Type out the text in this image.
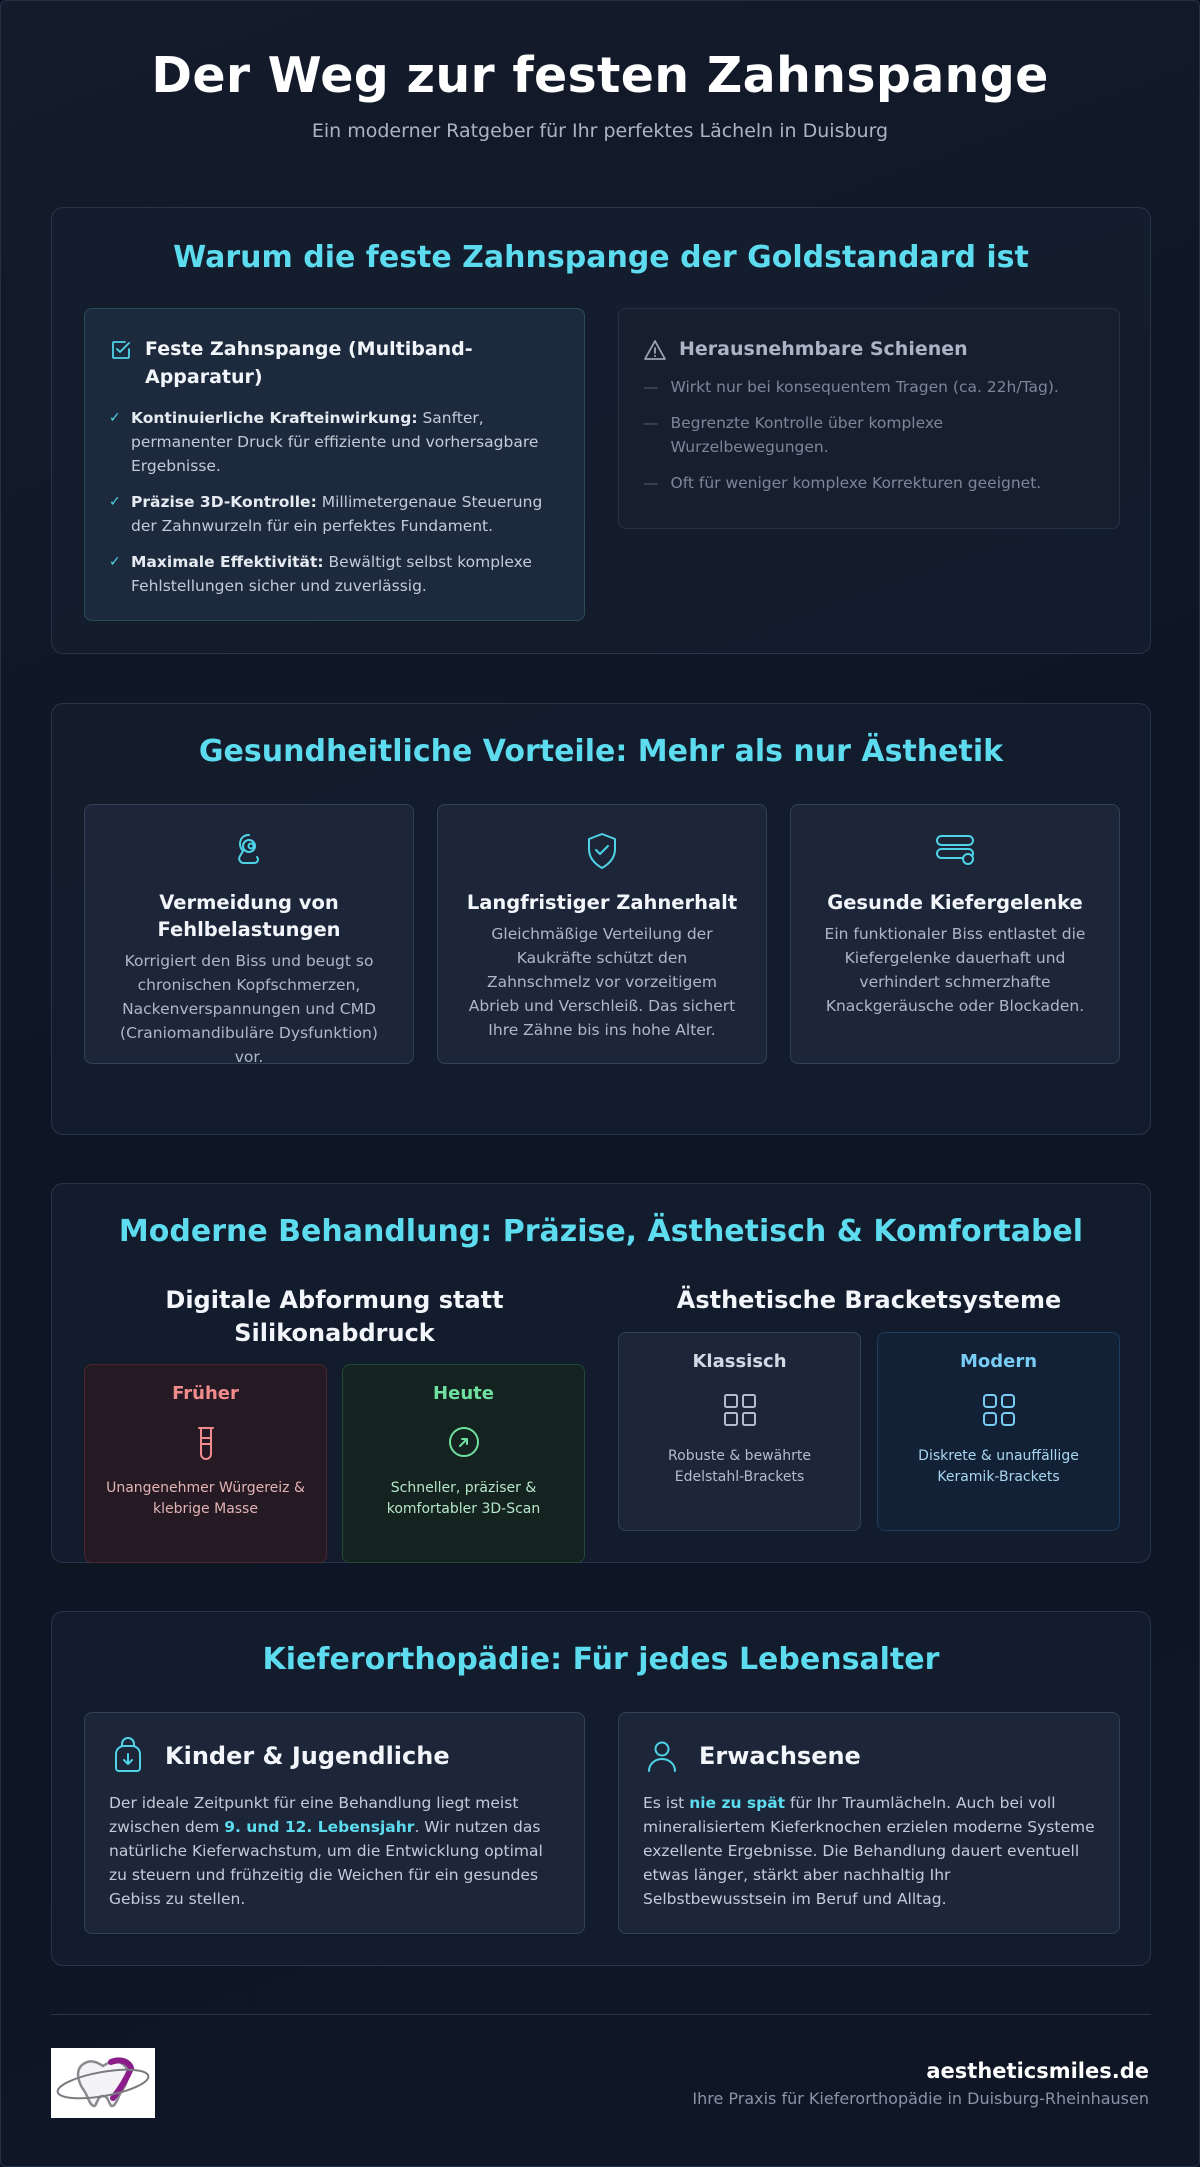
Der Weg zur festen Zahnspange
Ein moderner Ratgeber für Ihr perfektes Lächeln in Duisburg
Warum die feste Zahnspange der Goldstandard ist
Feste Zahnspange (Multiband-Apparatur)
✓ Kontinuierliche Krafteinwirkung: Sanfter, permanenter Druck für effiziente und vorhersagbare Ergebnisse.
✓ Präzise 3D-Kontrolle: Millimetergenaue Steuerung der Zahnwurzeln für ein perfektes Fundament.
✓ Maximale Effektivität: Bewältigt selbst komplexe Fehlstellungen sicher und zuverlässig.
Herausnehmbare Schienen
— Wirkt nur bei konsequentem Tragen (ca. 22h/Tag).
— Begrenzte Kontrolle über komplexe Wurzelbewegungen.
— Oft für weniger komplexe Korrekturen geeignet.
Gesundheitliche Vorteile: Mehr als nur Ästhetik
Vermeidung von Fehlbelastungen
Korrigiert den Biss und beugt so chronischen Kopfschmerzen, Nackenverspannungen und CMD (Craniomandibuläre Dysfunktion) vor.
Langfristiger Zahnerhalt
Gleichmäßige Verteilung der Kaukräfte schützt den Zahnschmelz vor vorzeitigem Abrieb und Verschleiß. Das sichert Ihre Zähne bis ins hohe Alter.
Gesunde Kiefergelenke
Ein funktionaler Biss entlastet die Kiefergelenke dauerhaft und verhindert schmerzhafte Knackgeräusche oder Blockaden.
Moderne Behandlung: Präzise, Ästhetisch & Komfortabel
Digitale Abformung statt Silikonabdruck
Ästhetische Bracketsysteme
Früher
Unangenehmer Würgereiz & klebrige Masse
Heute
Schneller, präziser & komfortabler 3D-Scan
Klassisch
Robuste & bewährte Edelstahl-Brackets
Modern
Diskrete & unauffällige Keramik-Brackets
Kieferorthopädie: Für jedes Lebensalter
Kinder & Jugendliche
Der ideale Zeitpunkt für eine Behandlung liegt meist zwischen dem 9. und 12. Lebensjahr. Wir nutzen das natürliche Kieferwachstum, um die Entwicklung optimal zu steuern und frühzeitig die Weichen für ein gesundes Gebiss zu stellen.
Erwachsene
Es ist nie zu spät für Ihr Traumlächeln. Auch bei voll mineralisiertem Kieferknochen erzielen moderne Systeme exzellente Ergebnisse. Die Behandlung dauert eventuell etwas länger, stärkt aber nachhaltig Ihr Selbstbewusstsein im Beruf und Alltag.
aestheticsmiles.de
Ihre Praxis für Kieferorthopädie in Duisburg-Rheinhausen
